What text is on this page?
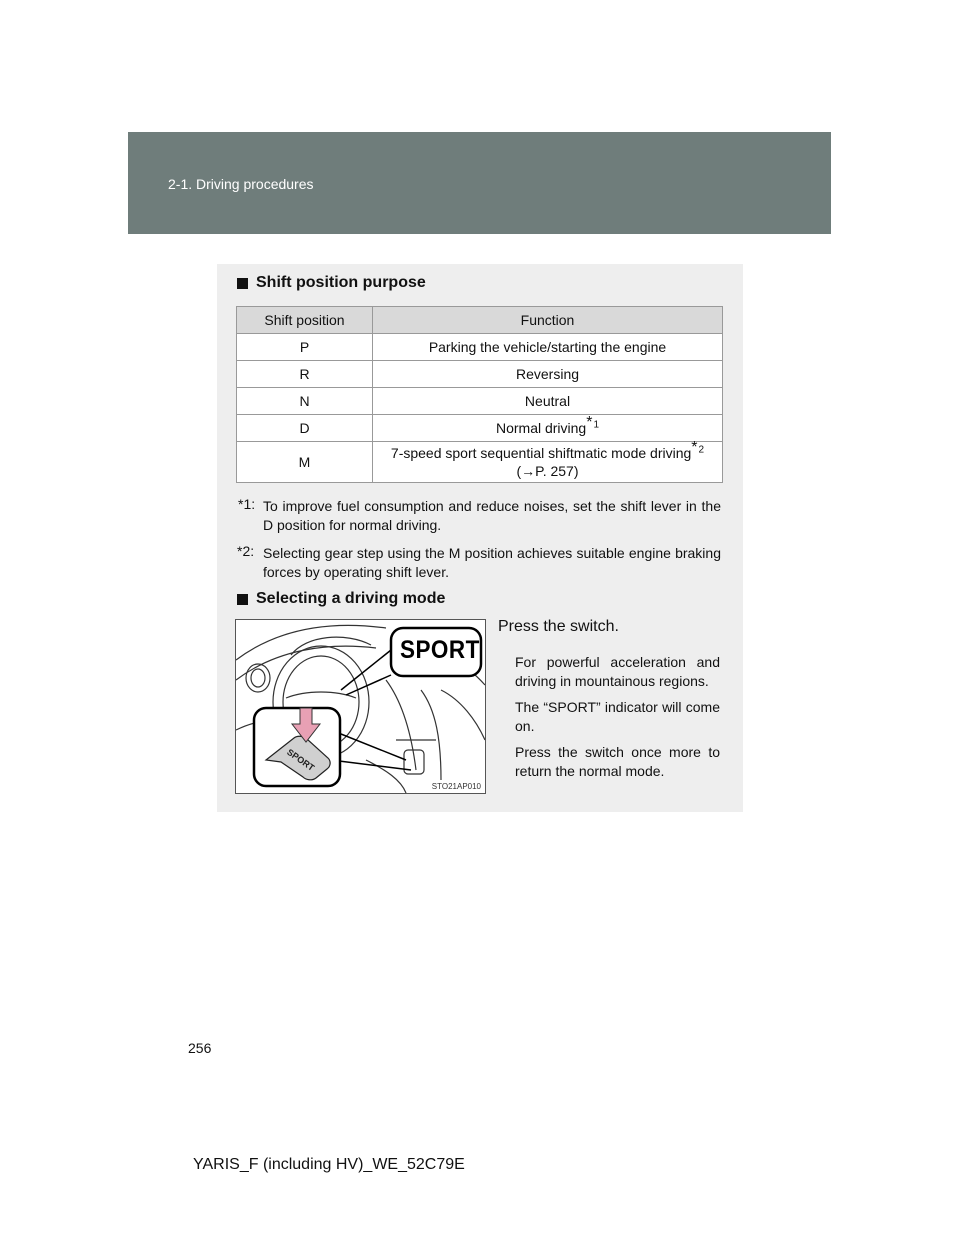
2-1. Driving procedures
Shift position purpose
Shift position	Function
P	Parking the vehicle/starting the engine
R	Reversing
N	Neutral
D	Normal driving*$^1$
M	7-speed sport sequential shiftmatic mode driving*$^2$
(→P. 257)
*1: To improve fuel consumption and reduce noises, set the shift lever in the D position for normal driving.
*2: Selecting gear step using the M position achieves suitable engine braking forces by operating shift lever.
Selecting a driving mode
SPORT
SPORT
STO21AP010

Press the switch.

For powerful acceleration and driving in mountainous regions.

The “SPORT” indicator will come on.

Press the switch once more to return the normal mode.

256
YARIS_F (including HV)_WE_52C79E
